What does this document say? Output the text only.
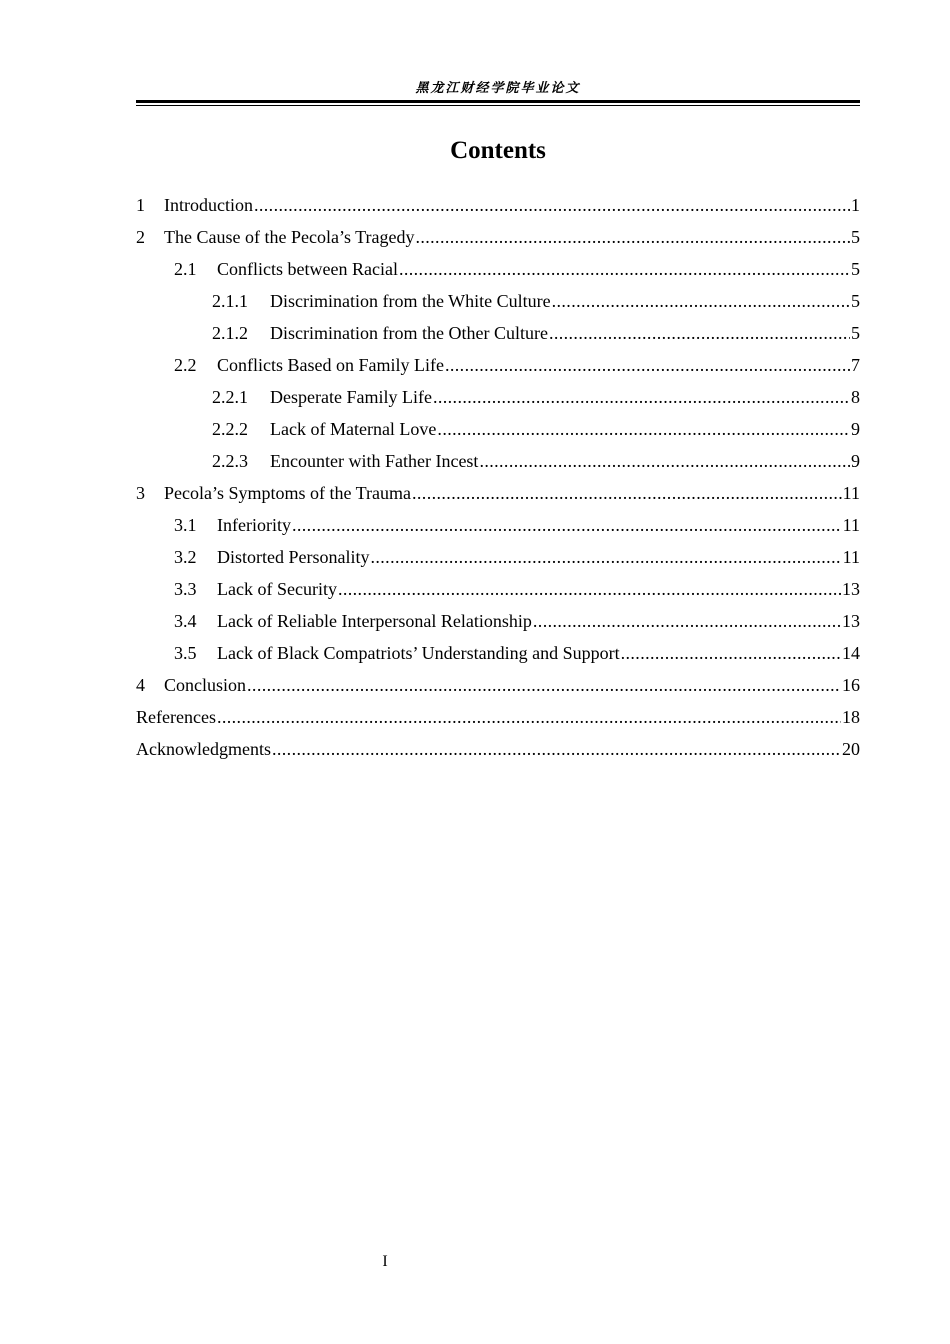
黑龙江财经学院毕业论文
Contents
1	Introduction .....	1
2	The Cause of the Pecola’s Tragedy .....	5
2.1	Conflicts between Racial .....	5
2.1.1	Discrimination from the White Culture .....	5
2.1.2	Discrimination from the Other Culture .....	5
2.2	Conflicts Based on Family Life .....	7
2.2.1	Desperate Family Life .....	8
2.2.2	Lack of Maternal Love .....	9
2.2.3	Encounter with Father Incest .....	9
3	Pecola’s Symptoms of the Trauma .....	11
3.1	Inferiority .....	11
3.2	Distorted Personality .....	11
3.3	Lack of Security .....	13
3.4	Lack of Reliable Interpersonal Relationship .....	13
3.5	Lack of Black Compatriots’ Understanding and Support .....	14
4	Conclusion .....	16
References .....	18
Acknowledgments .....	20
I
